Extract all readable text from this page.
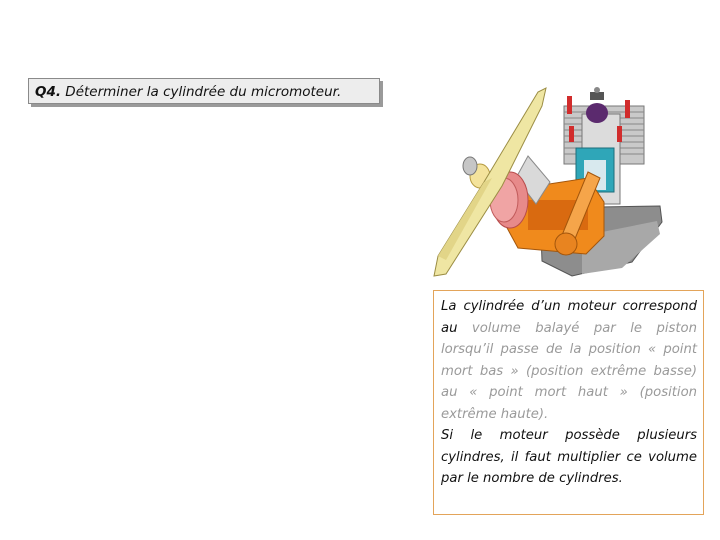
Q4. Déterminer la cylindrée du micromoteur.

La cylindrée d’un moteur correspond au volume balayé par le piston lorsqu’il passe de la position « point mort bas » (position extrême basse) au « point mort haut » (position extrême haute).

Si le moteur possède plusieurs cylindres, il faut multiplier ce volume par le nombre de cylindres.
